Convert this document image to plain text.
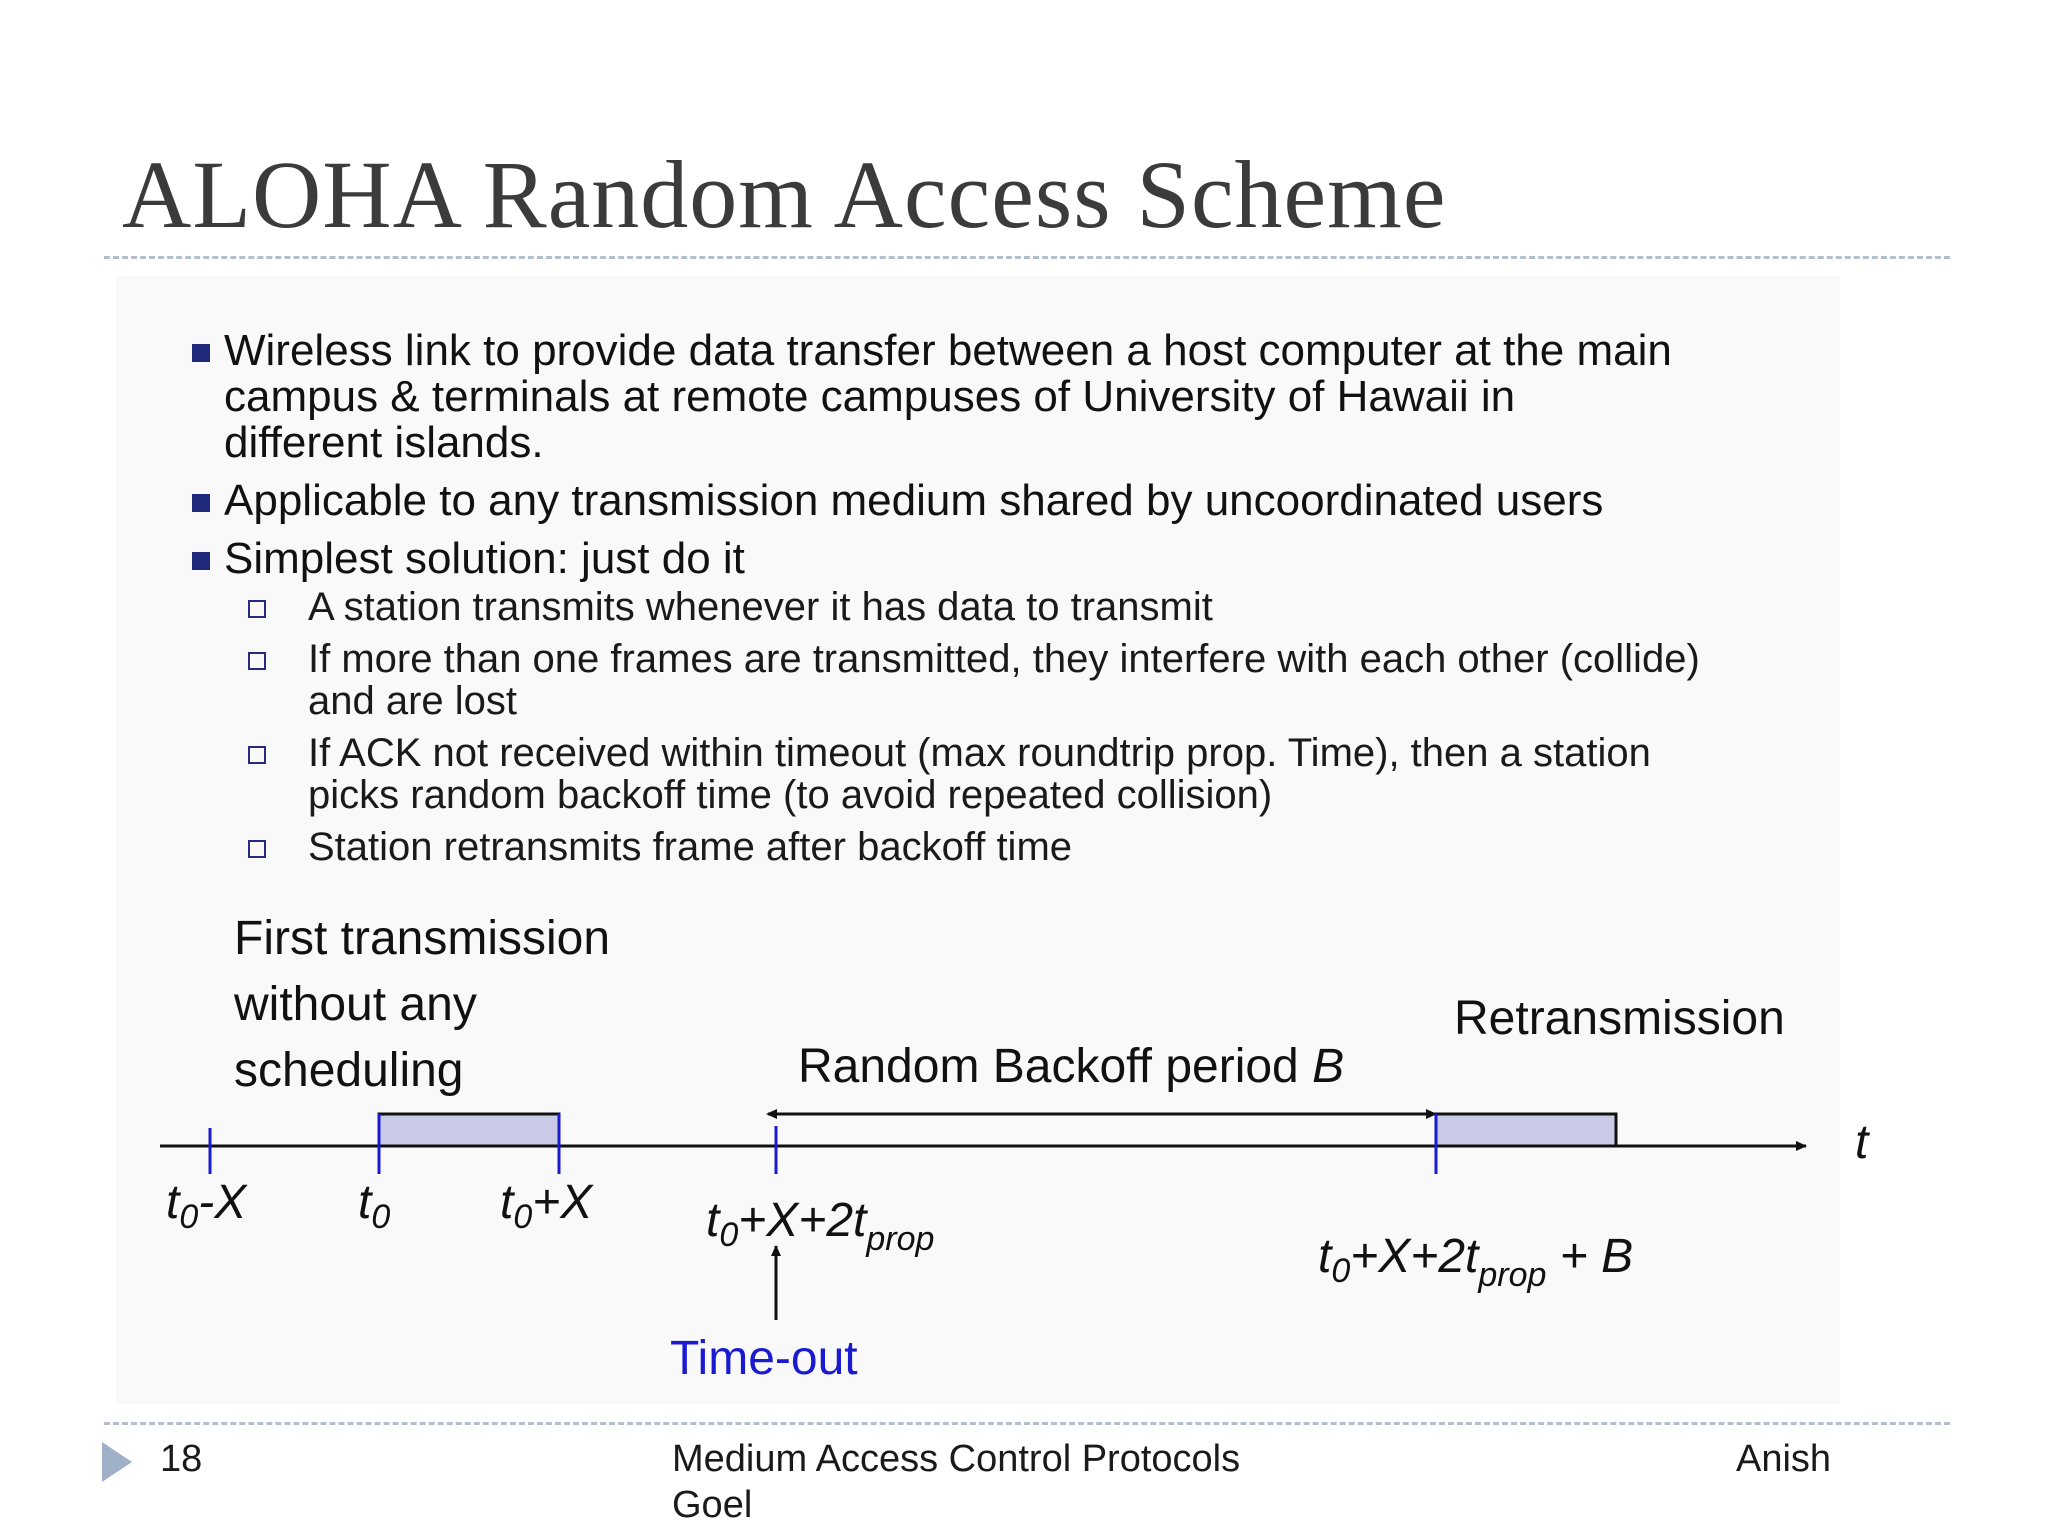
ALOHA Random Access Scheme
Wireless link to provide data transfer between a host computer at the main
campus & terminals at remote campuses of University of Hawaii in
different islands.
Applicable to any transmission medium shared by uncoordinated users
Simplest solution: just do it
A station transmits whenever it has data to transmit
If more than one frames are transmitted, they interfere with each other (collide)
and are lost
If ACK not received within timeout (max roundtrip prop. Time), then a station
picks random backoff time (to avoid repeated collision)
Station retransmits frame after backoff time
First transmission
without any
scheduling
Retransmission
Random Backoff period B
t
$t_0-X$ $t_0$ $t_0+X$ $t_0+X+2t_{prop}$	$t_0+X+2t_{prop} + B$
Time-out
18	Medium Access Control Protocols
Goel
Anish
